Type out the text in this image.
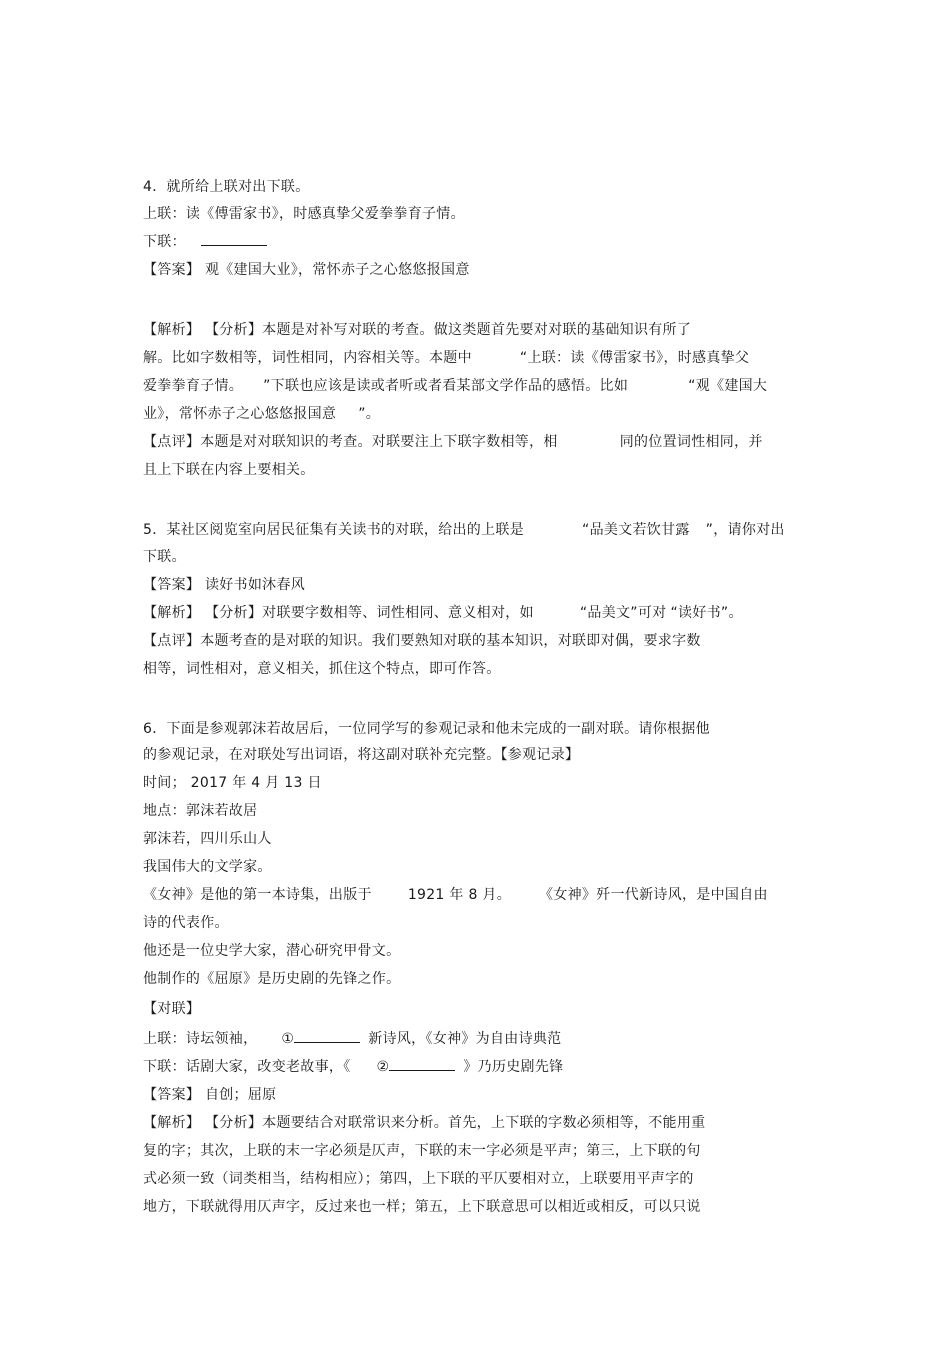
4．就所给上联对出下联。
上联：读《傅雷家书》，时感真挚父爱拳拳育子情。
下联：
【答案】 观《建国大业》，常怀赤子之心悠悠报国意
【解析】 【分析】本题是对补写对联的考查。做这类题首先要对对联的基础知识有所了
解。比如字数相等，词性相同，内容相关等。本题中	“上联：读《傅雷家书》，时感真挚父
爱拳拳育子情。 ”下联也应该是读或者听或者看某部文学作品的感悟。比如	“观《建国大
业》，常怀赤子之心悠悠报国意 ”。
【点评】本题是对对联知识的考查。对联要注上下联字数相等，相	同的位置词性相同，并
且上下联在内容上要相关。
5．某社区阅览室向居民征集有关读书的对联，给出的上联是	“品美文若饮甘露 ”，请你对出
下联。
【答案】 读好书如沐春风
【解析】 【分析】对联要字数相等、词性相同、意义相对，如	“品美文”可对 “读好书”。
【点评】本题考查的是对联的知识。我们要熟知对联的基本知识，对联即对偶，要求字数
相等，词性相对，意义相关，抓住这个特点，即可作答。
6．下面是参观郭沫若故居后，一位同学写的参观记录和他未完成的一副对联。请你根据他
的参观记录，在对联处写出词语，将这副对联补充完整。【参观记录】
时间； 2017 年 4 月 13 日
地点：郭沫若故居
郭沫若，四川乐山人
我国伟大的文学家。
《女神》是他的第一本诗集，出版于	1921 年 8 月。 《女神》歼一代新诗风，是中国自由
诗的代表作。
他还是一位史学大家，潜心研究甲骨文。
他制作的《屈原》是历史剧的先锋之作。
【对联】
上联：诗坛领袖， ①	新诗风，《女神》为自由诗典范
下联：话剧大家，改变老故事，《 ②	》乃历史剧先锋
【答案】 自创；屈原
【解析】 【分析】本题要结合对联常识来分析。首先，上下联的字数必须相等，不能用重
复的字；其次，上联的末一字必须是仄声，下联的末一字必须是平声；第三，上下联的句
式必须一致（词类相当，结构相应）；第四，上下联的平仄要相对立，上联要用平声字的
地方，下联就得用仄声字，反过来也一样；第五，上下联意思可以相近或相反，可以只说
